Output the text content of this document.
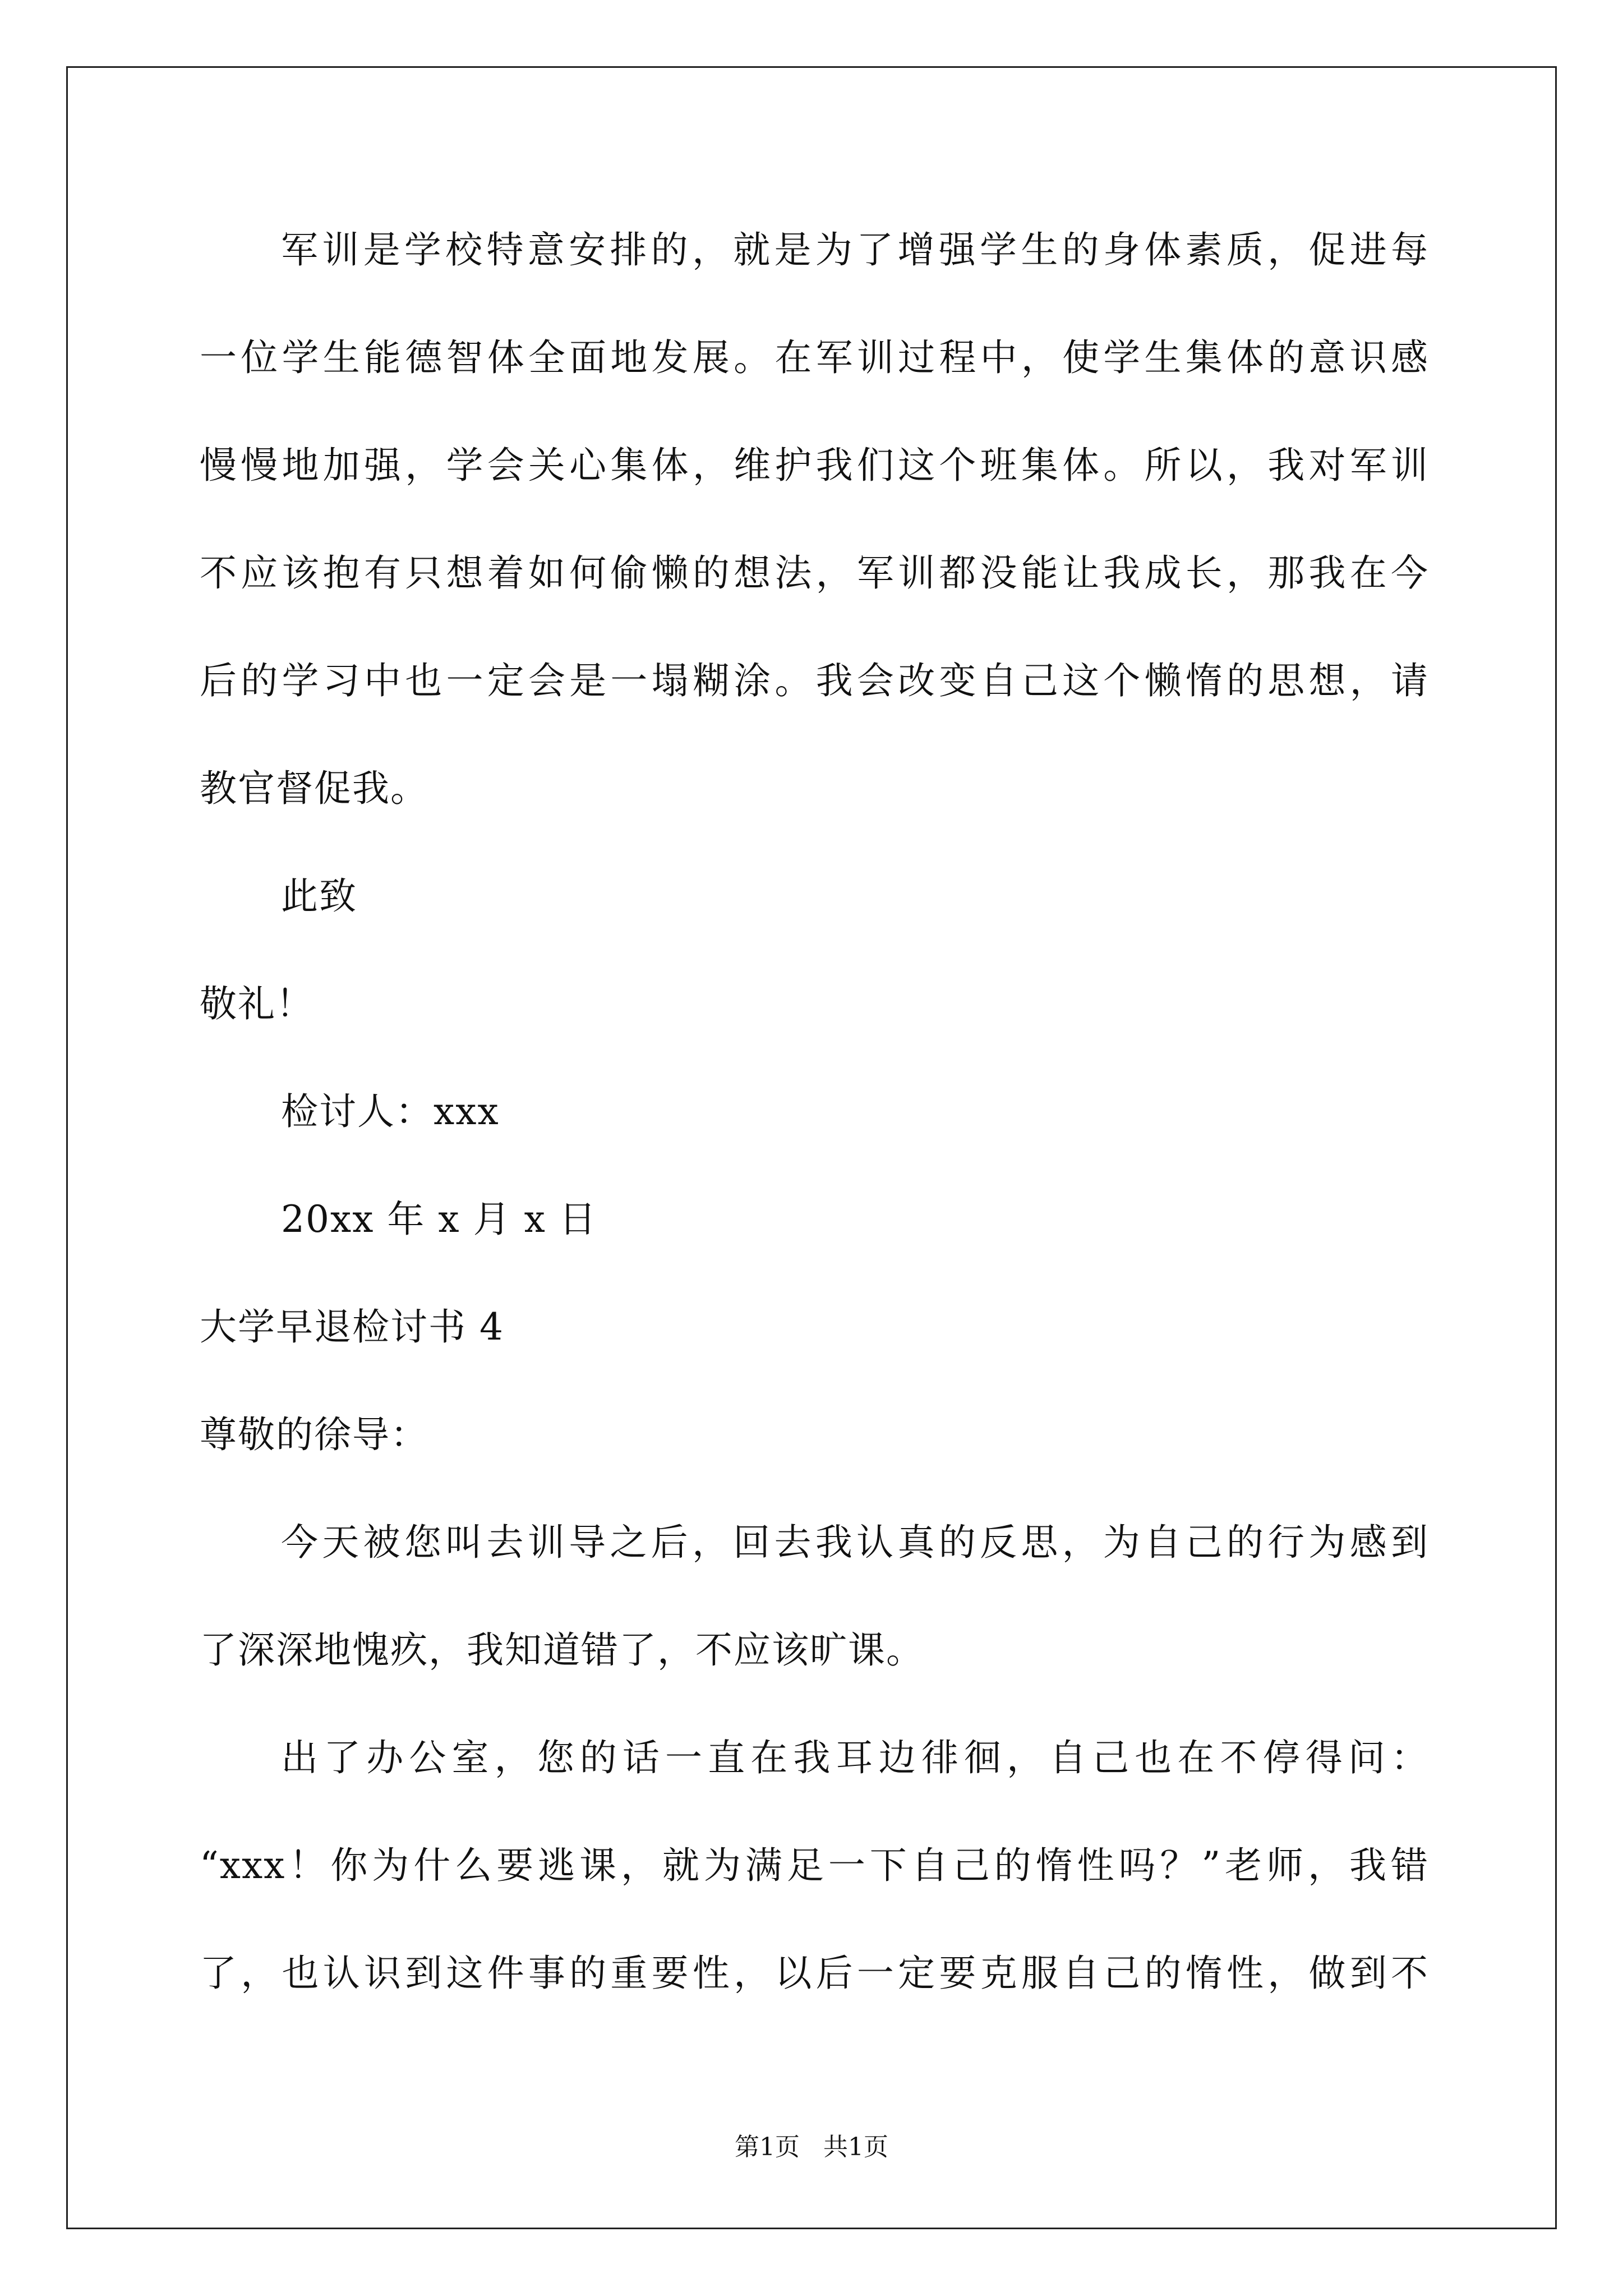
军训是学校特意安排的，就是为了增强学生的身体素质，促进每
一位学生能德智体全面地发展。在军训过程中，使学生集体的意识感
慢慢地加强，学会关心集体，维护我们这个班集体。所以，我对军训
不应该抱有只想着如何偷懒的想法，军训都没能让我成长，那我在今
后的学习中也一定会是一塌糊涂。我会改变自己这个懒惰的思想，请
教官督促我。
此致
敬礼！
检讨人：xxx
20xx 年 x 月 x 日
大学早退检讨书 4
尊敬的徐导：
今天被您叫去训导之后，回去我认真的反思，为自己的行为感到
了深深地愧疚，我知道错了，不应该旷课。
出了办公室，您的话一直在我耳边徘徊，自己也在不停得问：
“xxx！你为什么要逃课，就为满足一下自己的惰性吗？”老师，我错
了，也认识到这件事的重要性，以后一定要克服自己的惰性，做到不
第1页   共1页
